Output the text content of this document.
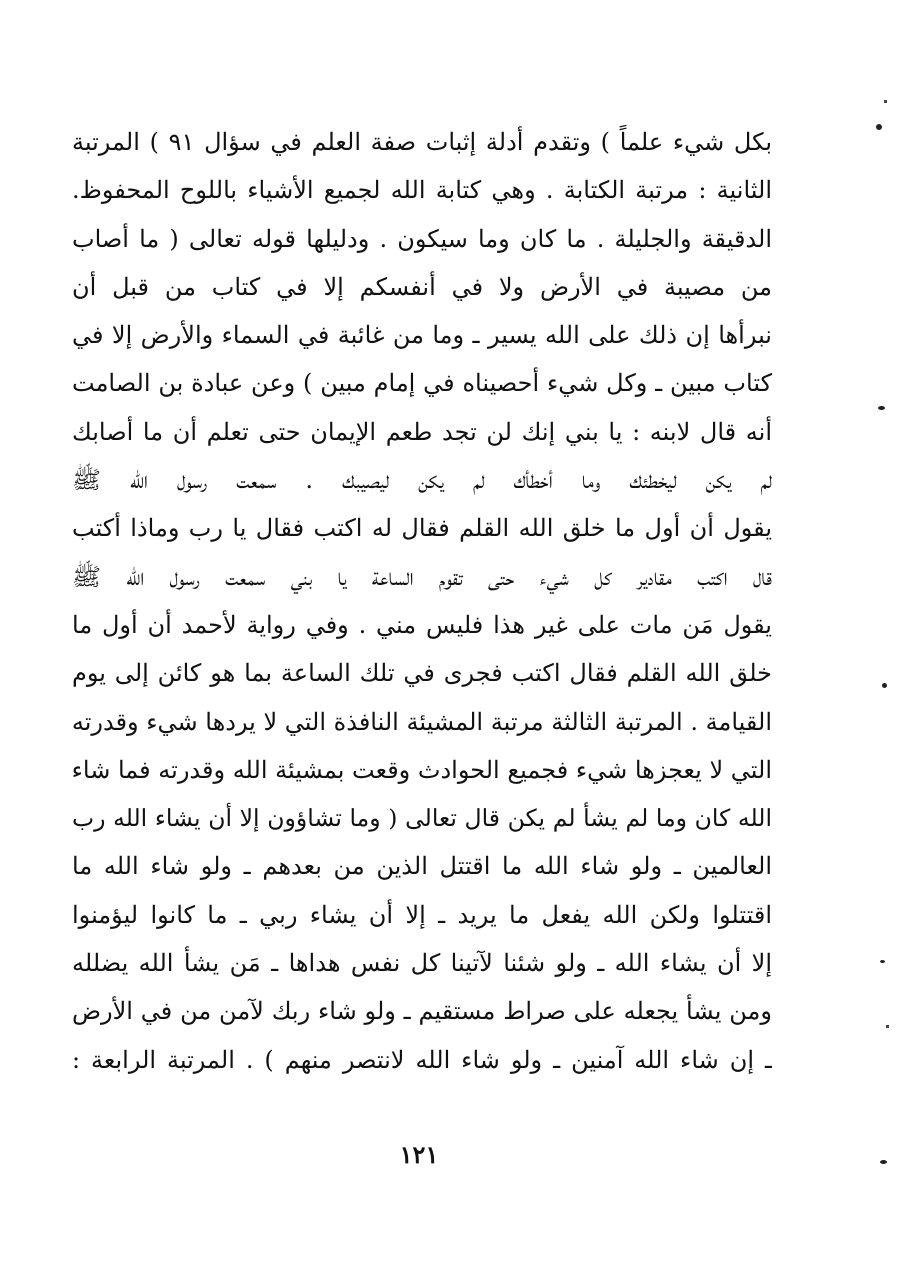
بكل شيء علماً ) وتقدم أدلة إثبات صفة العلم في سؤال ٩١ ) المرتبة
الثانية : مرتبة الكتابة . وهي كتابة الله لجميع الأشياء باللوح المحفوظ.
الدقيقة والجليلة . ما كان وما سيكون . ودليلها قوله تعالى ( ما أصاب
من مصيبة في الأرض ولا في أنفسكم إلا في كتاب من قبل أن
نبرأها إن ذلك على الله يسير ـ وما من غائبة في السماء والأرض إلا في
كتاب مبين ـ وكل شيء أحصيناه في إمام مبين ) وعن عبادة بن الصامت
أنه قال لابنه : يا بني إنك لن تجد طعم الإيمان حتى تعلم أن ما أصابك
لم يكن ليخطئك وما أخطأك لم يكن ليصيبك . سمعت رسول الله ﷺ
يقول أن أول ما خلق الله القلم فقال له اكتب فقال يا رب وماذا أكتب
قال اكتب مقادير كل شيء حتى تقوم الساعة يا بني سمعت رسول الله ﷺ
يقول مَن مات على غير هذا فليس مني . وفي رواية لأحمد أن أول ما
خلق الله القلم فقال اكتب فجرى في تلك الساعة بما هو كائن إلى يوم
القيامة . المرتبة الثالثة مرتبة المشيئة النافذة التي لا يردها شيء وقدرته
التي لا يعجزها شيء فجميع الحوادث وقعت بمشيئة الله وقدرته فما شاء
الله كان وما لم يشأ لم يكن قال تعالى ( وما تشاؤون إلا أن يشاء الله رب
العالمين ـ ولو شاء الله ما اقتتل الذين من بعدهم ـ ولو شاء الله ما
اقتتلوا ولكن الله يفعل ما يريد ـ إلا أن يشاء ربي ـ ما كانوا ليؤمنوا
إلا أن يشاء الله ـ ولو شئنا لآتينا كل نفس هداها ـ مَن يشأ الله يضلله
ومن يشأ يجعله على صراط مستقيم ـ ولو شاء ربك لآمن من في الأرض
ـ إن شاء الله آمنين ـ ولو شاء الله لانتصر منهم ) . المرتبة الرابعة :
١٢١
